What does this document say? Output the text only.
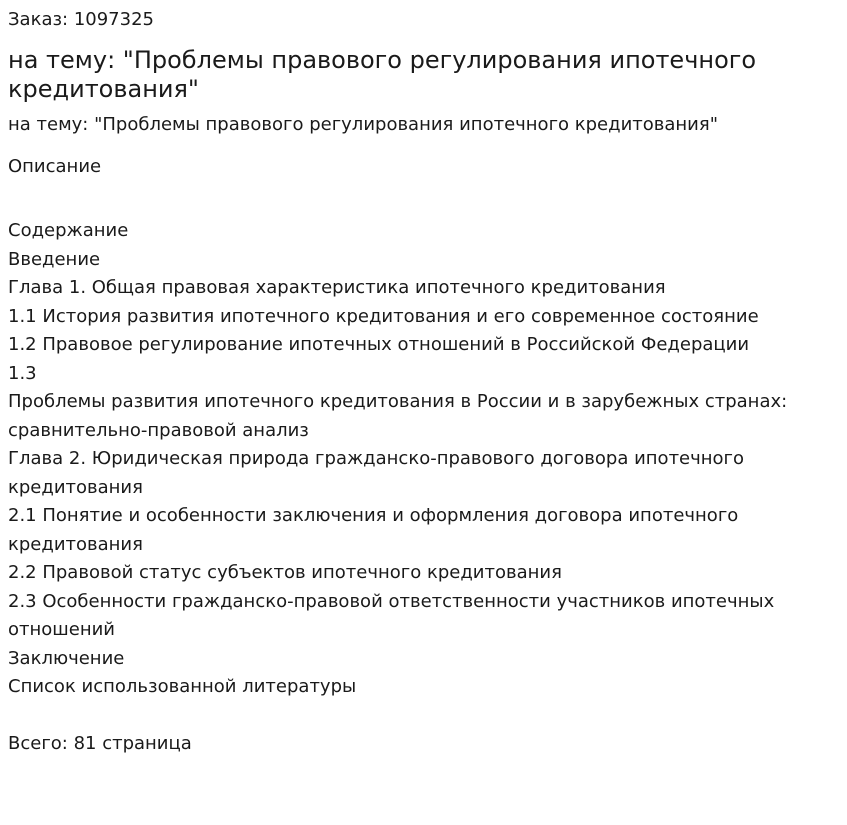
Заказ: 1097325
на тему: "Проблемы правового регулирования ипотечного кредитования"
на тему: "Проблемы правового регулирования ипотечного кредитования"
Описание
Содержание
Введение
Глава 1. Общая правовая характеристика ипотечного кредитования
1.1 История развития ипотечного кредитования и его современное состояние
1.2 Правовое регулирование ипотечных отношений в Российской Федерации
1.3
Проблемы развития ипотечного кредитования в России и в зарубежных странах: сравнительно-правовой анализ
Глава 2. Юридическая природа гражданско-правового договора ипотечного кредитования
2.1 Понятие и особенности заключения и оформления договора ипотечного кредитования
2.2 Правовой статус субъектов ипотечного кредитования
2.3 Особенности гражданско-правовой ответственности участников ипотечных отношений
Заключение
Список использованной литературы
Всего: 81 страница
